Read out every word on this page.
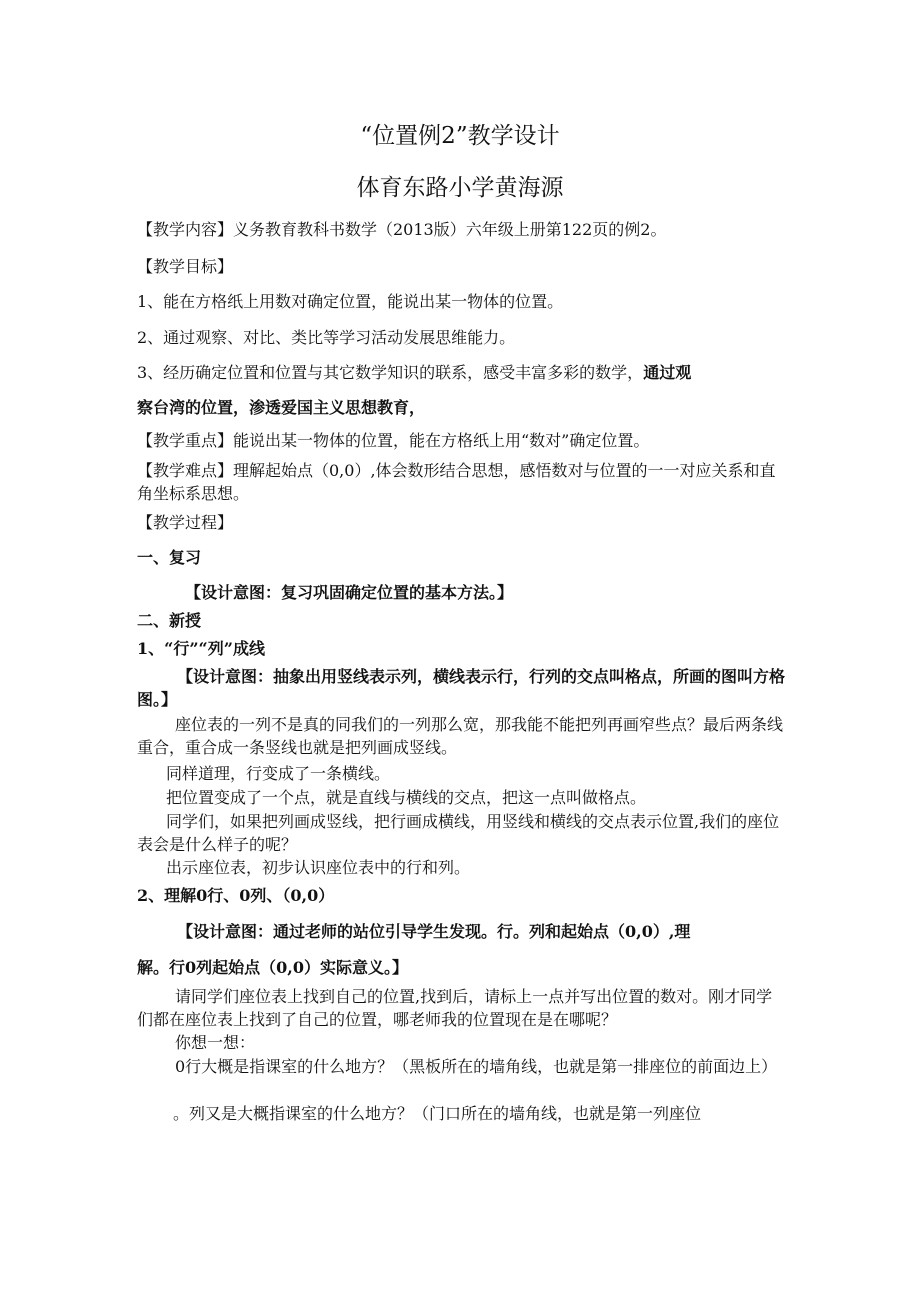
“位置例2”教学设计
体育东路小学黄海源
【教学内容】义务教育教科书数学（2013版）六年级上册第122页的例2。
【教学目标】
1、能在方格纸上用数对确定位置，能说出某一物体的位置。
2、通过观察、对比、类比等学习活动发展思维能力。
3、经历确定位置和位置与其它数学知识的联系，感受丰富多彩的数学，通过观
察台湾的位置，渗透爱国主义思想教育，
【教学重点】能说出某一物体的位置，能在方格纸上用“数对”确定位置。
【教学难点】理解起始点（0,0）,体会数形结合思想，感悟数对与位置的一一对应关系和直角坐标系思想。
【教学过程】
一、复习
【设计意图：复习巩固确定位置的基本方法。】
二、新授
1、“行”“列”成线
【设计意图：抽象出用竖线表示列，横线表示行，行列的交点叫格点，所画的图叫方格图。】
座位表的一列不是真的同我们的一列那么宽，那我能不能把列再画窄些点？最后两条线重合，重合成一条竖线也就是把列画成竖线。
同样道理，行变成了一条横线。
把位置变成了一个点，就是直线与横线的交点，把这一点叫做格点。
同学们，如果把列画成竖线，把行画成横线，用竖线和横线的交点表示位置,我们的座位表会是什么样子的呢？
出示座位表，初步认识座位表中的行和列。
2、理解0行、0列、（0,0）
【设计意图：通过老师的站位引导学生发现。行。列和起始点（0,0）,理
解。行0列起始点（0,0）实际意义。】
请同学们座位表上找到自己的位置,找到后，请标上一点并写出位置的数对。刚才同学们都在座位表上找到了自己的位置，哪老师我的位置现在是在哪呢？
你想一想：
0行大概是指课室的什么地方？（黑板所在的墙角线，也就是第一排座位的前面边上）
。列又是大概指课室的什么地方？（门口所在的墙角线，也就是第一列座位
